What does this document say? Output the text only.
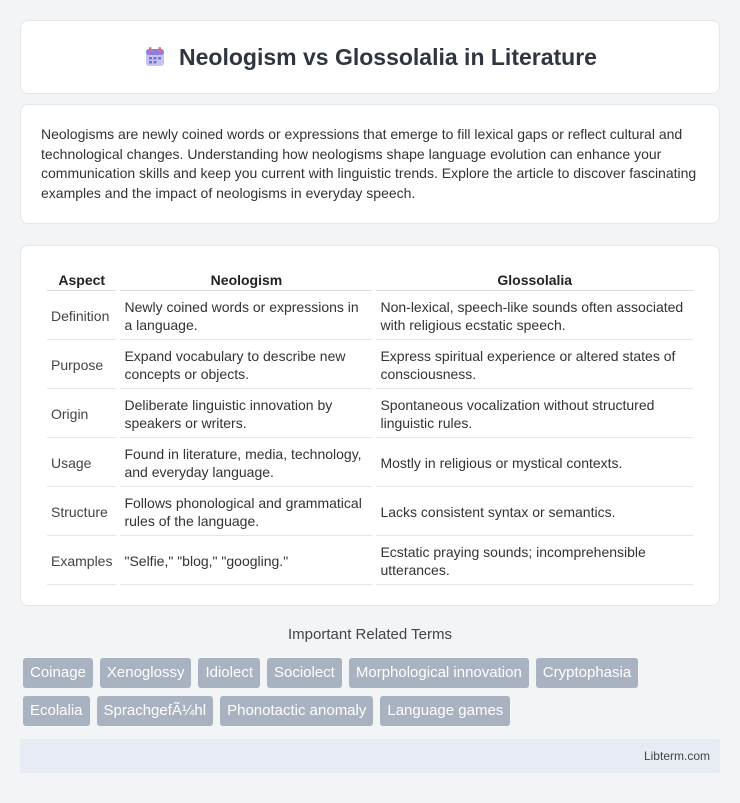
Neologism vs Glossolalia in Literature

Neologisms are newly coined words or expressions that emerge to fill lexical gaps or reflect cultural and technological changes. Understanding how neologisms shape language evolution can enhance your communication skills and keep you current with linguistic trends. Explore the article to discover fascinating examples and the impact of neologisms in everyday speech.

Aspect	Neologism	Glossolalia
Definition	Newly coined words or expressions in a language.	Non-lexical, speech-like sounds often associated with religious ecstatic speech.
Purpose	Expand vocabulary to describe new concepts or objects.	Express spiritual experience or altered states of consciousness.
Origin	Deliberate linguistic innovation by speakers or writers.	Spontaneous vocalization without structured linguistic rules.
Usage	Found in literature, media, technology, and everyday language.	Mostly in religious or mystical contexts.
Structure	Follows phonological and grammatical rules of the language.	Lacks consistent syntax or semantics.
Examples	"Selfie," "blog," "googling."	Ecstatic praying sounds; incomprehensible utterances.
Important Related Terms
Coinage	Xenoglossy	Idiolect	Sociolect	Morphological innovation	Cryptophasia
Ecolalia	SprachgefÃ¼hl	Phonotactic anomaly	Language games
Libterm.com
